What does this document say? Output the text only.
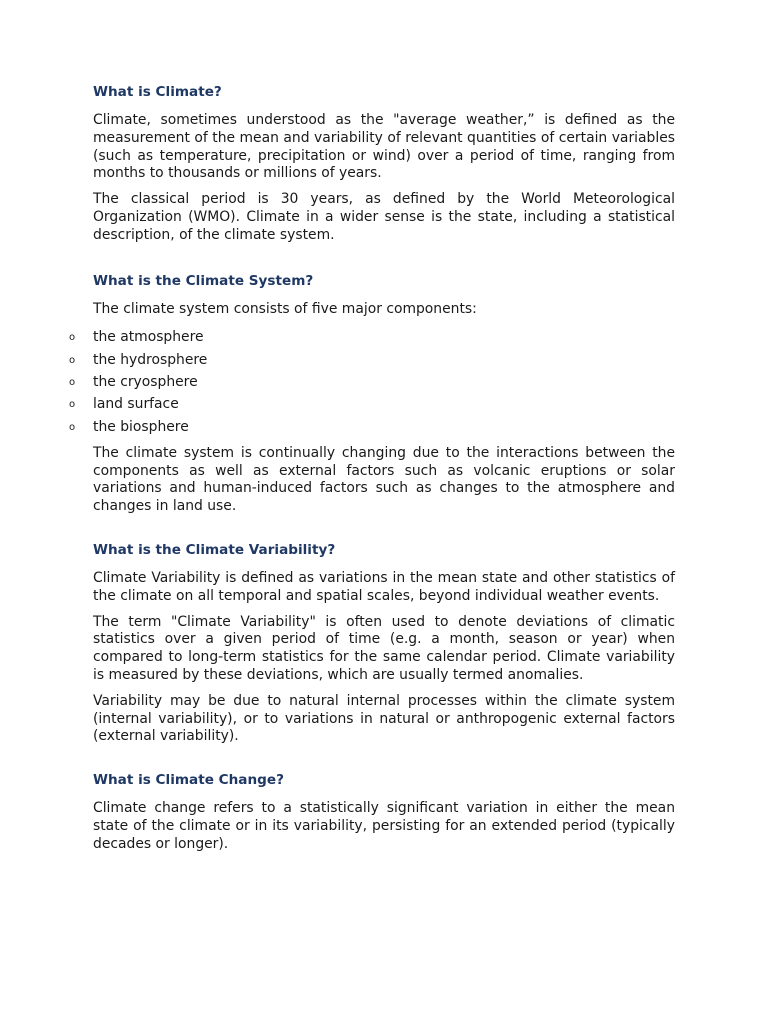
What is Climate?

Climate, sometimes understood as the "average weather,” is defined as the measurement of the mean and variability of relevant quantities of certain variables (such as temperature, precipitation or wind) over a period of time, ranging from months to thousands or millions of years.

The classical period is 30 years, as defined by the World Meteorological Organization (WMO). Climate in a wider sense is the state, including a statistical description, of the climate system.

What is the Climate System?

The climate system consists of five major components:

o the atmosphere
o the hydrosphere
o the cryosphere
o land surface
o the biosphere

The climate system is continually changing due to the interactions between the components as well as external factors such as volcanic eruptions or solar variations and human-induced factors such as changes to the atmosphere and changes in land use.

What is the Climate Variability?

Climate Variability is defined as variations in the mean state and other statistics of the climate on all temporal and spatial scales, beyond individual weather events.

The term "Climate Variability" is often used to denote deviations of climatic statistics over a given period of time (e.g. a month, season or year) when compared to long-term statistics for the same calendar period. Climate variability is measured by these deviations, which are usually termed anomalies.

Variability may be due to natural internal processes within the climate system (internal variability), or to variations in natural or anthropogenic external factors (external variability).

What is Climate Change?

Climate change refers to a statistically significant variation in either the mean state of the climate or in its variability, persisting for an extended period (typically decades or longer).
